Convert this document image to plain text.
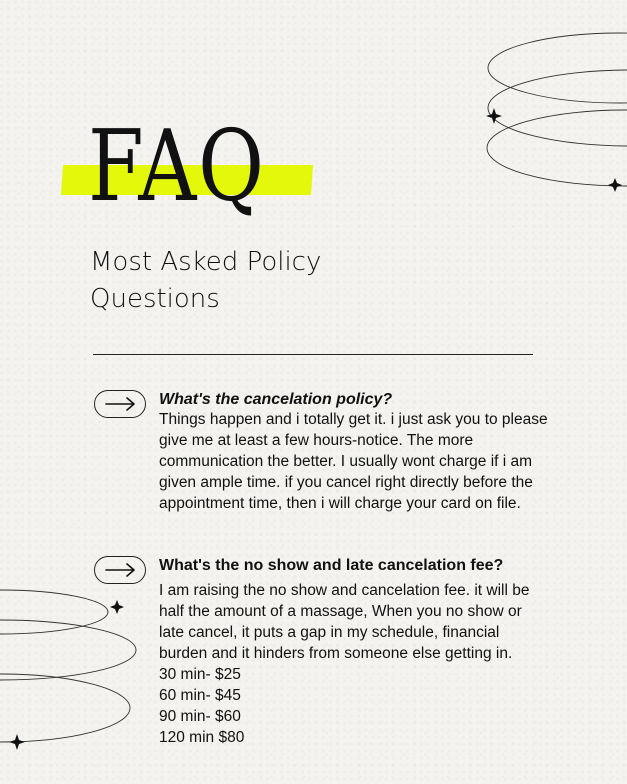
FAQ
Most Asked Policy
Questions
What's the cancelation policy?
Things happen and i totally get it. i just ask you to please give me at least a few hours-notice. The more communication the better. I usually wont charge if i am given ample time. if you cancel right directly before the appointment time, then i will charge your card on file.
What's the no show and late cancelation fee?
I am raising the no show and cancelation fee. it will be half the amount of a massage, When you no show or late cancel, it puts a gap in my schedule, financial burden and it hinders from someone else getting in.
30 min- $25
60 min- $45
90 min- $60
120 min $80
